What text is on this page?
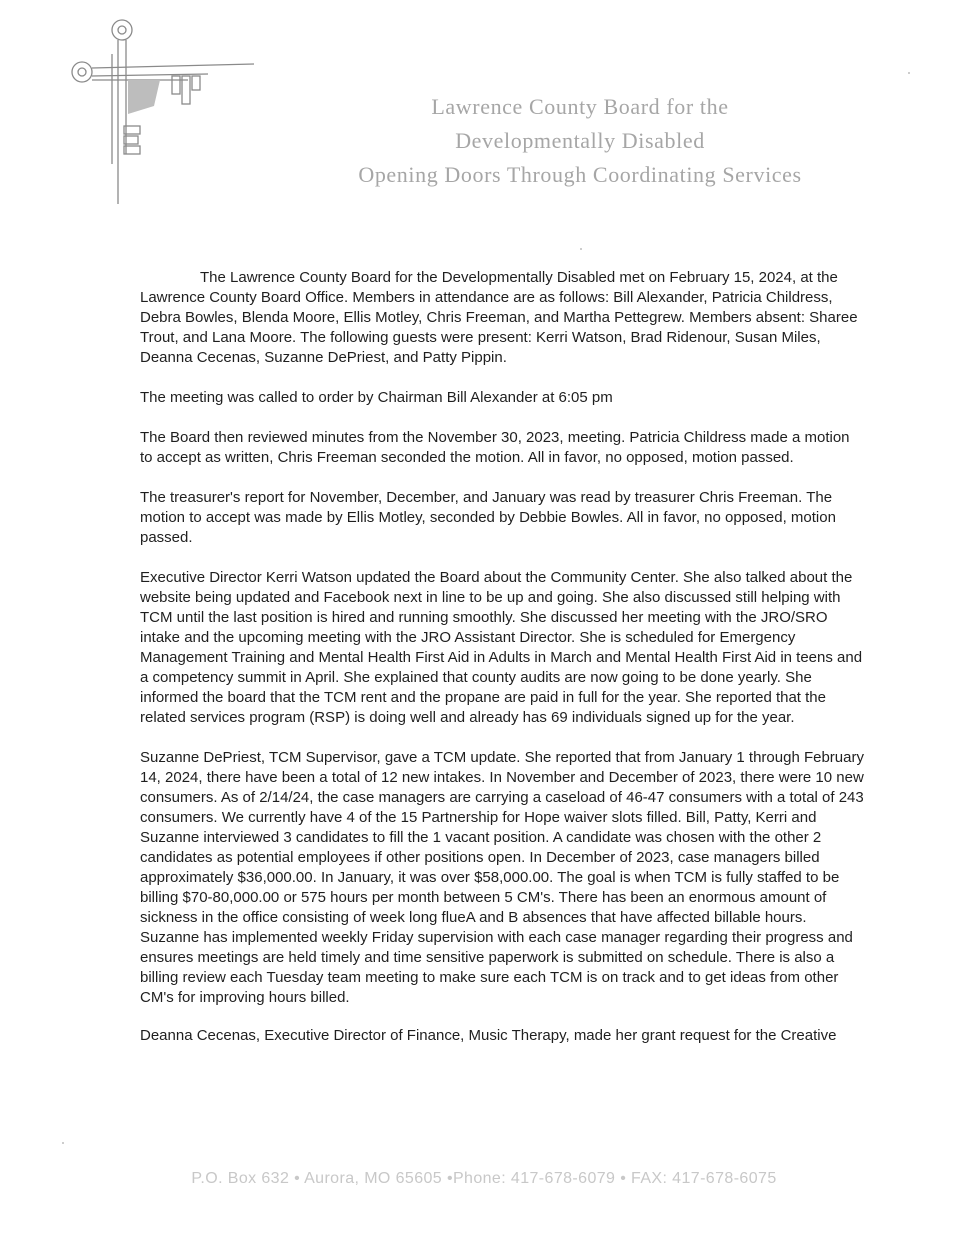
Lawrence County Board for the
Developmentally Disabled
Opening Doors Through Coordinating Services

The Lawrence County Board for the Developmentally Disabled met on February 15, 2024, at the Lawrence County Board Office. Members in attendance are as follows: Bill Alexander, Patricia Childress, Debra Bowles, Blenda Moore, Ellis Motley, Chris Freeman, and Martha Pettegrew. Members absent: Sharee Trout, and Lana Moore. The following guests were present: Kerri Watson, Brad Ridenour, Susan Miles, Deanna Cecenas, Suzanne DePriest, and Patty Pippin.

The meeting was called to order by Chairman Bill Alexander at 6:05 pm

The Board then reviewed minutes from the November 30, 2023, meeting. Patricia Childress made a motion to accept as written, Chris Freeman seconded the motion. All in favor, no opposed, motion passed.

The treasurer's report for November, December, and January was read by treasurer Chris Freeman. The motion to accept was made by Ellis Motley, seconded by Debbie Bowles. All in favor, no opposed, motion passed.

Executive Director Kerri Watson updated the Board about the Community Center. She also talked about the website being updated and Facebook next in line to be up and going. She also discussed still helping with TCM until the last position is hired and running smoothly. She discussed her meeting with the JRO/SRO intake and the upcoming meeting with the JRO Assistant Director. She is scheduled for Emergency Management Training and Mental Health First Aid in Adults in March and Mental Health First Aid in teens and a competency summit in April. She explained that county audits are now going to be done yearly. She informed the board that the TCM rent and the propane are paid in full for the year. She reported that the related services program (RSP) is doing well and already has 69 individuals signed up for the year.

Suzanne DePriest, TCM Supervisor, gave a TCM update. She reported that from January 1 through February 14, 2024, there have been a total of 12 new intakes. In November and December of 2023, there were 10 new consumers. As of 2/14/24, the case managers are carrying a caseload of 46-47 consumers with a total of 243 consumers. We currently have 4 of the 15 Partnership for Hope waiver slots filled. Bill, Patty, Kerri and Suzanne interviewed 3 candidates to fill the 1 vacant position. A candidate was chosen with the other 2 candidates as potential employees if other positions open. In December of 2023, case managers billed approximately $36,000.00. In January, it was over $58,000.00. The goal is when TCM is fully staffed to be billing $70-80,000.00 or 575 hours per month between 5 CM's. There has been an enormous amount of sickness in the office consisting of week long flueA and B absences that have affected billable hours. Suzanne has implemented weekly Friday supervision with each case manager regarding their progress and ensures meetings are held timely and time sensitive paperwork is submitted on schedule. There is also a billing review each Tuesday team meeting to make sure each TCM is on track and to get ideas from other CM's for improving hours billed.

Deanna Cecenas, Executive Director of Finance, Music Therapy, made her grant request for the Creative

P.O. Box 632 • Aurora, MO 65605 •Phone: 417-678-6079 • FAX: 417-678-6075
